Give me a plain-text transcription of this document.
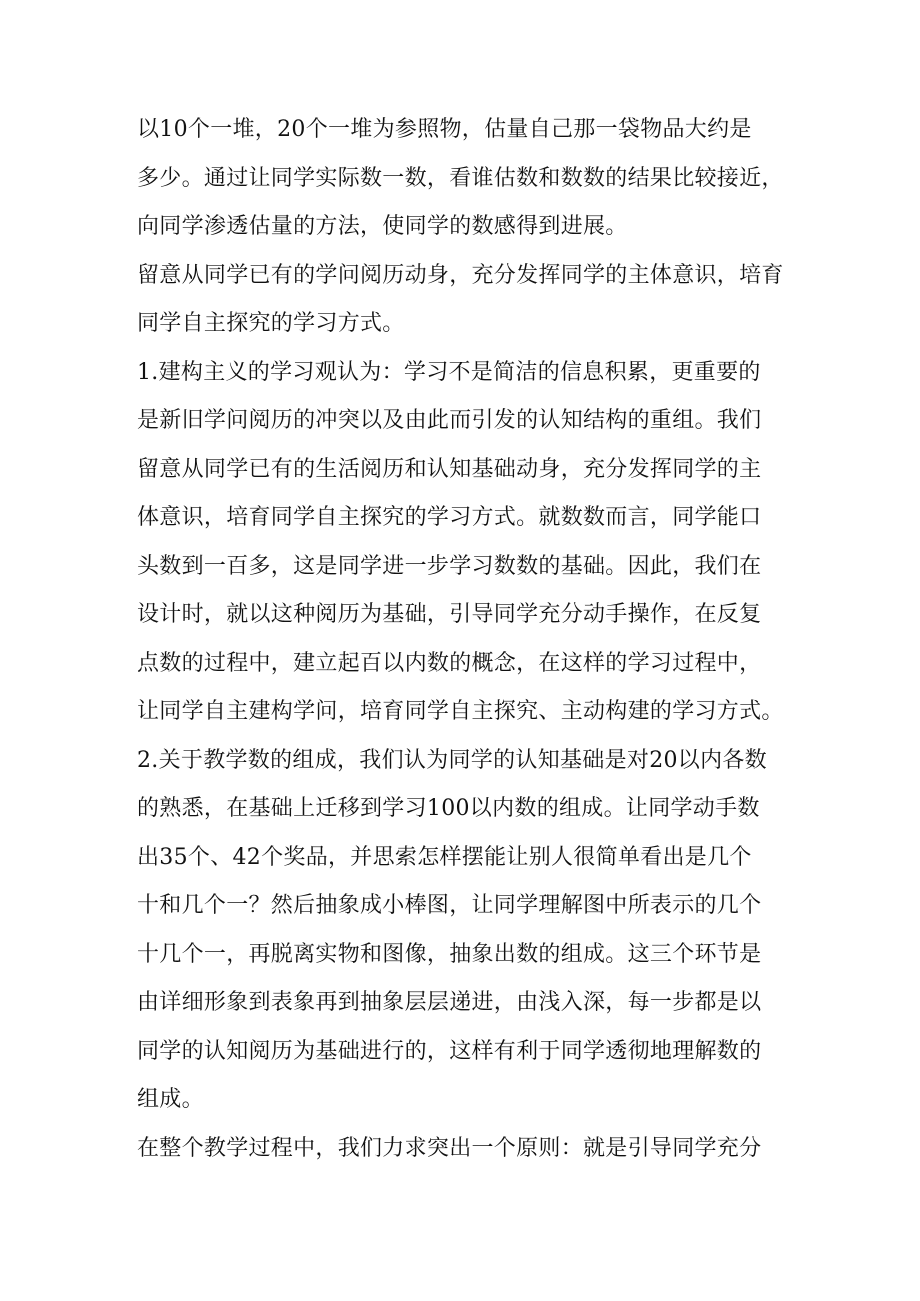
以10个一堆，20个一堆为参照物，估量自己那一袋物品大约是
多少。通过让同学实际数一数，看谁估数和数数的结果比较接近，
向同学渗透估量的方法，使同学的数感得到进展。
留意从同学已有的学问阅历动身，充分发挥同学的主体意识，培育
同学自主探究的学习方式。
1.建构主义的学习观认为：学习不是简洁的信息积累，更重要的
是新旧学问阅历的冲突以及由此而引发的认知结构的重组。我们
留意从同学已有的生活阅历和认知基础动身，充分发挥同学的主
体意识，培育同学自主探究的学习方式。就数数而言，同学能口
头数到一百多，这是同学进一步学习数数的基础。因此，我们在
设计时，就以这种阅历为基础，引导同学充分动手操作，在反复
点数的过程中，建立起百以内数的概念，在这样的学习过程中，
让同学自主建构学问，培育同学自主探究、主动构建的学习方式。
2.关于教学数的组成，我们认为同学的认知基础是对20以内各数
的熟悉，在基础上迁移到学习100以内数的组成。让同学动手数
出35个、42个奖品，并思索怎样摆能让别人很简单看出是几个
十和几个一？然后抽象成小棒图，让同学理解图中所表示的几个
十几个一，再脱离实物和图像，抽象出数的组成。这三个环节是
由详细形象到表象再到抽象层层递进，由浅入深，每一步都是以
同学的认知阅历为基础进行的，这样有利于同学透彻地理解数的
组成。
在整个教学过程中，我们力求突出一个原则：就是引导同学充分
